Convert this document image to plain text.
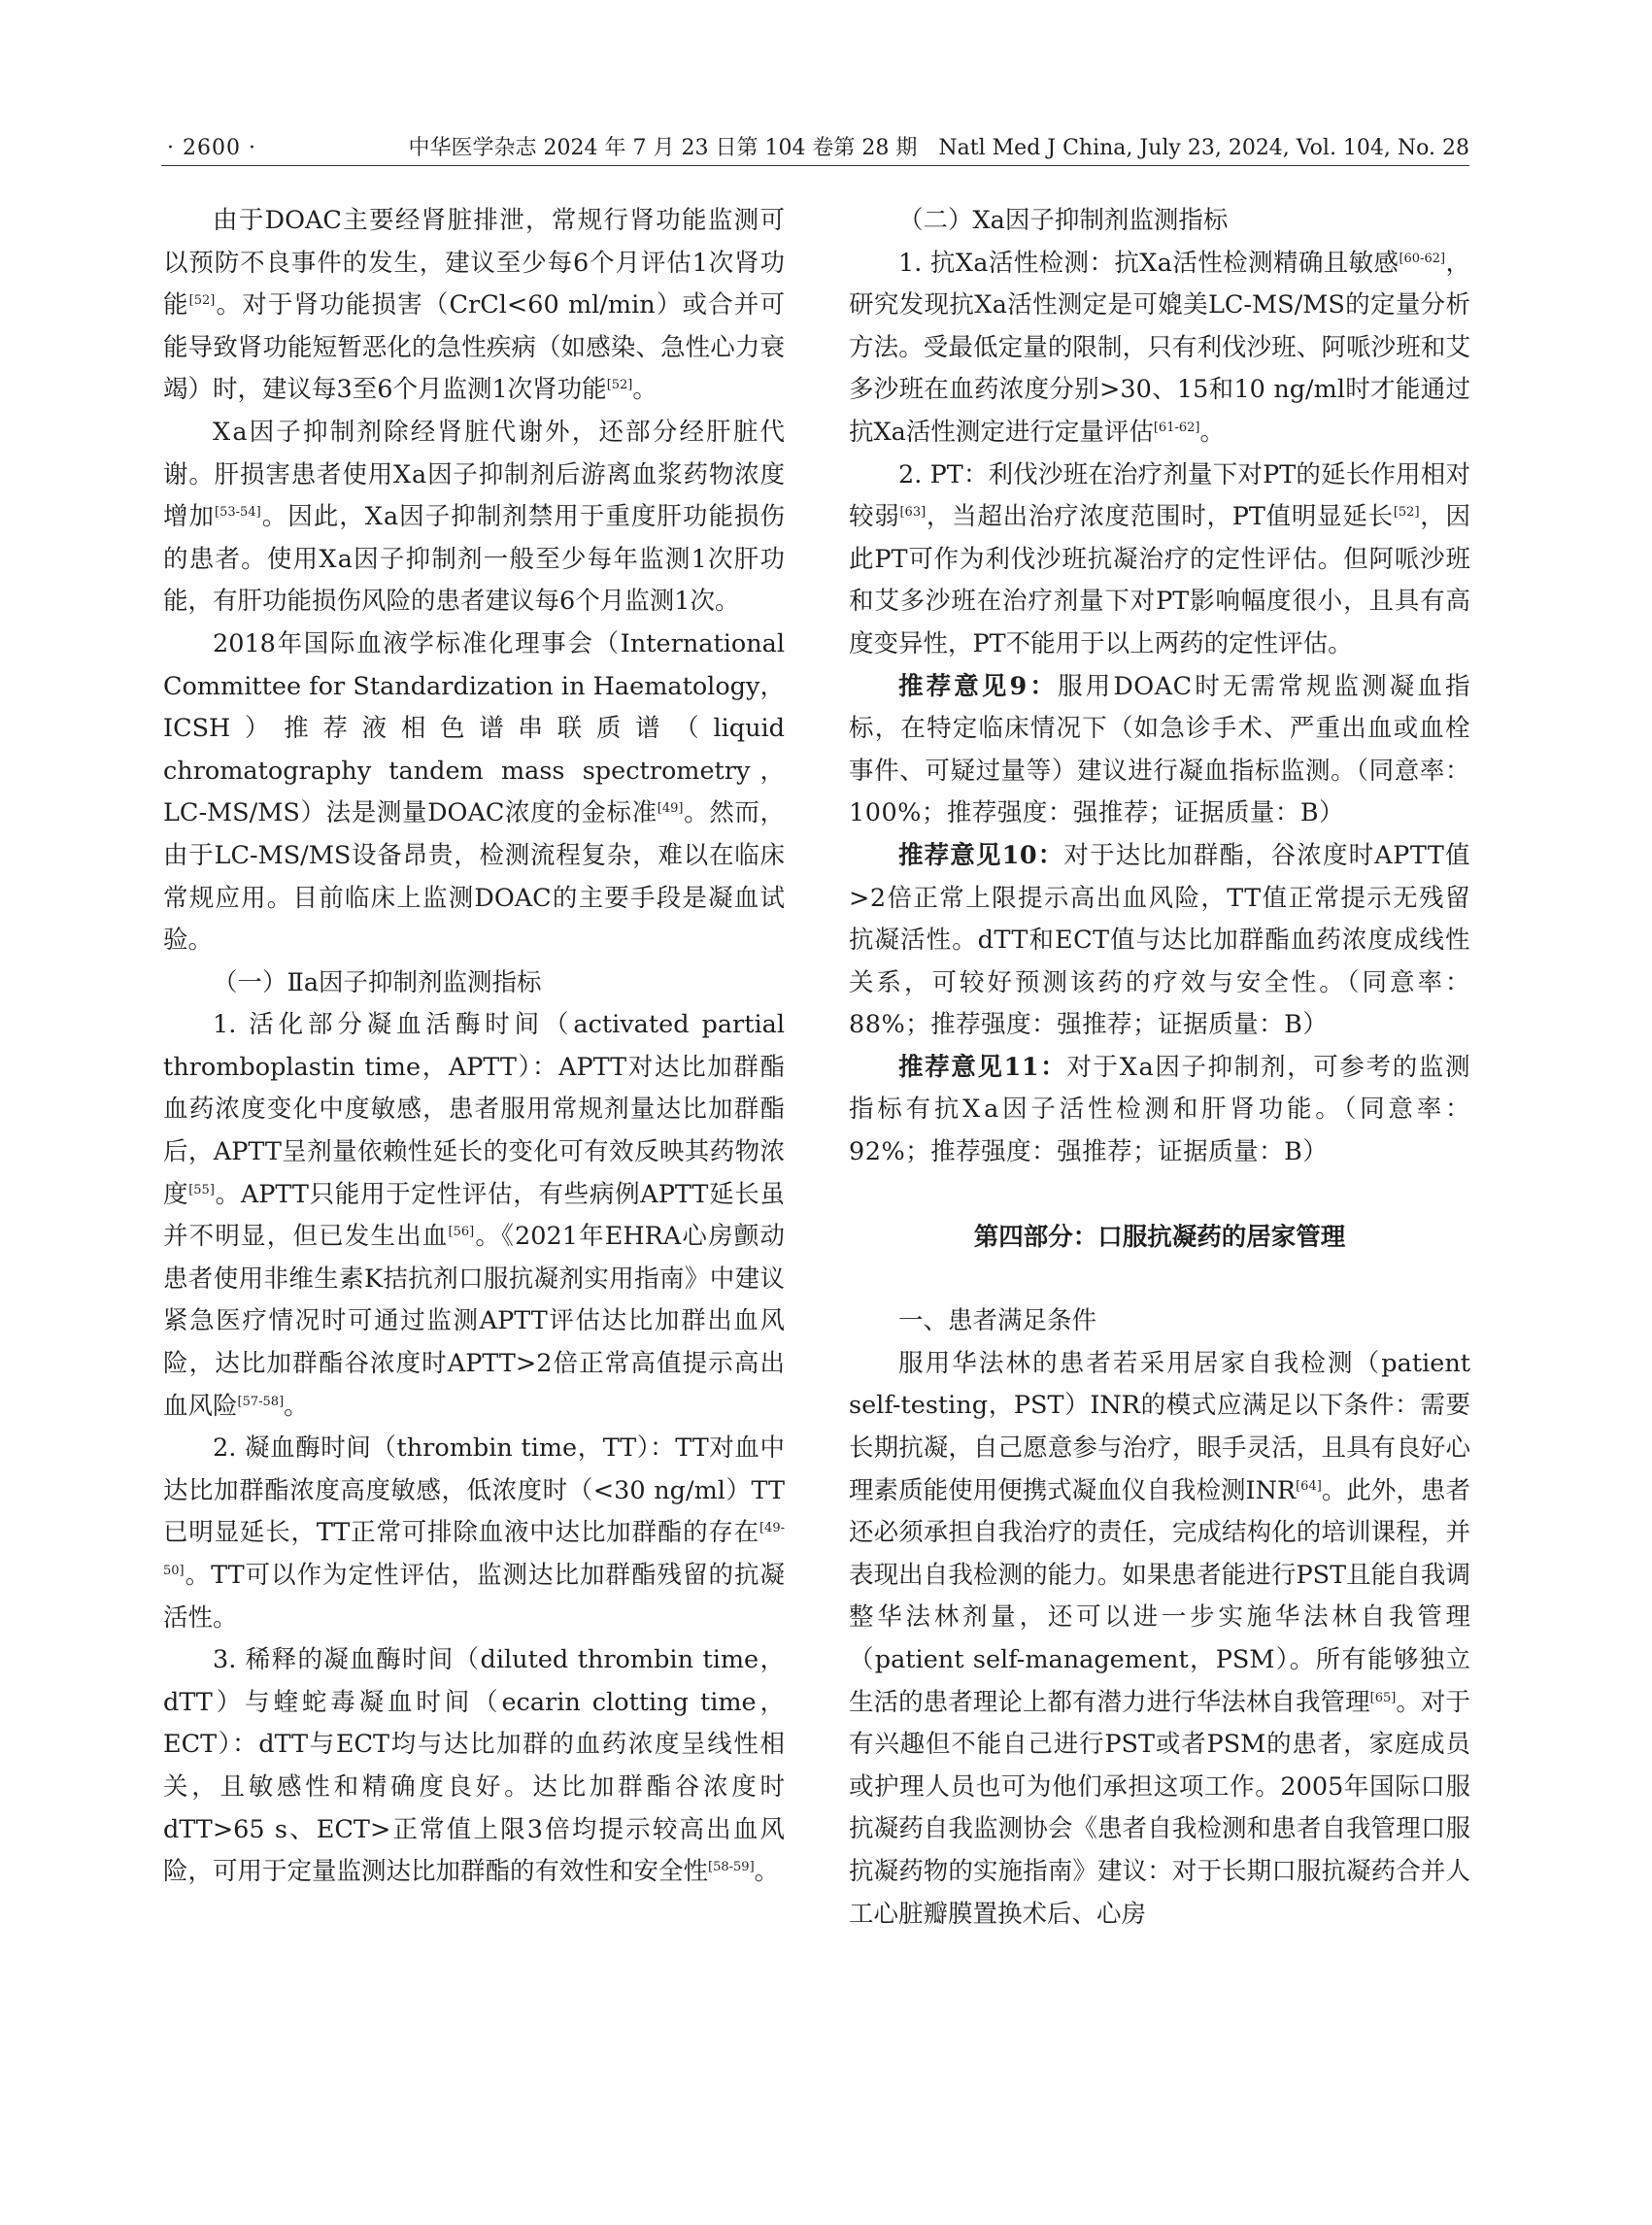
· 2600 ·	中华医学杂志 2024 年 7 月 23 日第 104 卷第 28 期　Natl Med J China, July 23, 2024, Vol. 104, No. 28

由于DOAC主要经肾脏排泄，常规行肾功能监测可以预防不良事件的发生，建议至少每6个月评估1次肾功能[52]。对于肾功能损害（CrCl<60 ml/min）或合并可能导致肾功能短暂恶化的急性疾病（如感染、急性心力衰竭）时，建议每3至6个月监测1次肾功能[52]。

Ⅹa因子抑制剂除经肾脏代谢外，还部分经肝脏代谢。肝损害患者使用Ⅹa因子抑制剂后游离血浆药物浓度增加[53-54]。因此，Ⅹa因子抑制剂禁用于重度肝功能损伤的患者。使用Ⅹa因子抑制剂一般至少每年监测1次肝功能，有肝功能损伤风险的患者建议每6个月监测1次。

2018年国际血液学标准化理事会（International Committee for Standardization in Haematology，ICSH）推荐液相色谱串联质谱（liquid chromatography tandem mass spectrometry，LC-MS/MS）法是测量DOAC浓度的金标准[49]。然而，由于LC-MS/MS设备昂贵，检测流程复杂，难以在临床常规应用。目前临床上监测DOAC的主要手段是凝血试验。

（一）Ⅱa因子抑制剂监测指标

1. 活化部分凝血活酶时间（activated partial thromboplastin time，APTT）：APTT对达比加群酯血药浓度变化中度敏感，患者服用常规剂量达比加群酯后，APTT呈剂量依赖性延长的变化可有效反映其药物浓度[55]。APTT只能用于定性评估，有些病例APTT延长虽并不明显，但已发生出血[56]。《2021年EHRA心房颤动患者使用非维生素K拮抗剂口服抗凝剂实用指南》中建议紧急医疗情况时可通过监测APTT评估达比加群出血风险，达比加群酯谷浓度时APTT>2倍正常高值提示高出血风险[57-58]。

2. 凝血酶时间（thrombin time，TT）：TT对血中达比加群酯浓度高度敏感，低浓度时（<30 ng/ml）TT已明显延长，TT正常可排除血液中达比加群酯的存在[49-50]。TT可以作为定性评估，监测达比加群酯残留的抗凝活性。

3. 稀释的凝血酶时间（diluted thrombin time，dTT）与蝰蛇毒凝血时间（ecarin clotting time，ECT）：dTT与ECT均与达比加群的血药浓度呈线性相关，且敏感性和精确度良好。达比加群酯谷浓度时dTT>65 s、ECT>正常值上限3倍均提示较高出血风险，可用于定量监测达比加群酯的有效性和安全性[58-59]。

（二）Ⅹa因子抑制剂监测指标

1. 抗Ⅹa活性检测：抗Ⅹa活性检测精确且敏感[60-62]，研究发现抗Ⅹa活性测定是可媲美LC-MS/MS的定量分析方法。受最低定量的限制，只有利伐沙班、阿哌沙班和艾多沙班在血药浓度分别>30、15和10 ng/ml时才能通过抗Ⅹa活性测定进行定量评估[61-62]。

2. PT：利伐沙班在治疗剂量下对PT的延长作用相对较弱[63]，当超出治疗浓度范围时，PT值明显延长[52]，因此PT可作为利伐沙班抗凝治疗的定性评估。但阿哌沙班和艾多沙班在治疗剂量下对PT影响幅度很小，且具有高度变异性，PT不能用于以上两药的定性评估。

推荐意见9：服用DOAC时无需常规监测凝血指标，在特定临床情况下（如急诊手术、严重出血或血栓事件、可疑过量等）建议进行凝血指标监测。（同意率：100%；推荐强度：强推荐；证据质量：B）

推荐意见10：对于达比加群酯，谷浓度时APTT值>2倍正常上限提示高出血风险，TT值正常提示无残留抗凝活性。dTT和ECT值与达比加群酯血药浓度成线性关系，可较好预测该药的疗效与安全性。（同意率：88%；推荐强度：强推荐；证据质量：B）

推荐意见11：对于Ⅹa因子抑制剂，可参考的监测指标有抗Ⅹa因子活性检测和肝肾功能。（同意率：92%；推荐强度：强推荐；证据质量：B）

第四部分：口服抗凝药的居家管理

一、患者满足条件

服用华法林的患者若采用居家自我检测（patient self-testing，PST）INR的模式应满足以下条件：需要长期抗凝，自己愿意参与治疗，眼手灵活，且具有良好心理素质能使用便携式凝血仪自我检测INR[64]。此外，患者还必须承担自我治疗的责任，完成结构化的培训课程，并表现出自我检测的能力。如果患者能进行PST且能自我调整华法林剂量，还可以进一步实施华法林自我管理（patient self-management，PSM）。所有能够独立生活的患者理论上都有潜力进行华法林自我管理[65]。对于有兴趣但不能自己进行PST或者PSM的患者，家庭成员或护理人员也可为他们承担这项工作。2005年国际口服抗凝药自我监测协会《患者自我检测和患者自我管理口服抗凝药物的实施指南》建议：对于长期口服抗凝药合并人工心脏瓣膜置换术后、心房
